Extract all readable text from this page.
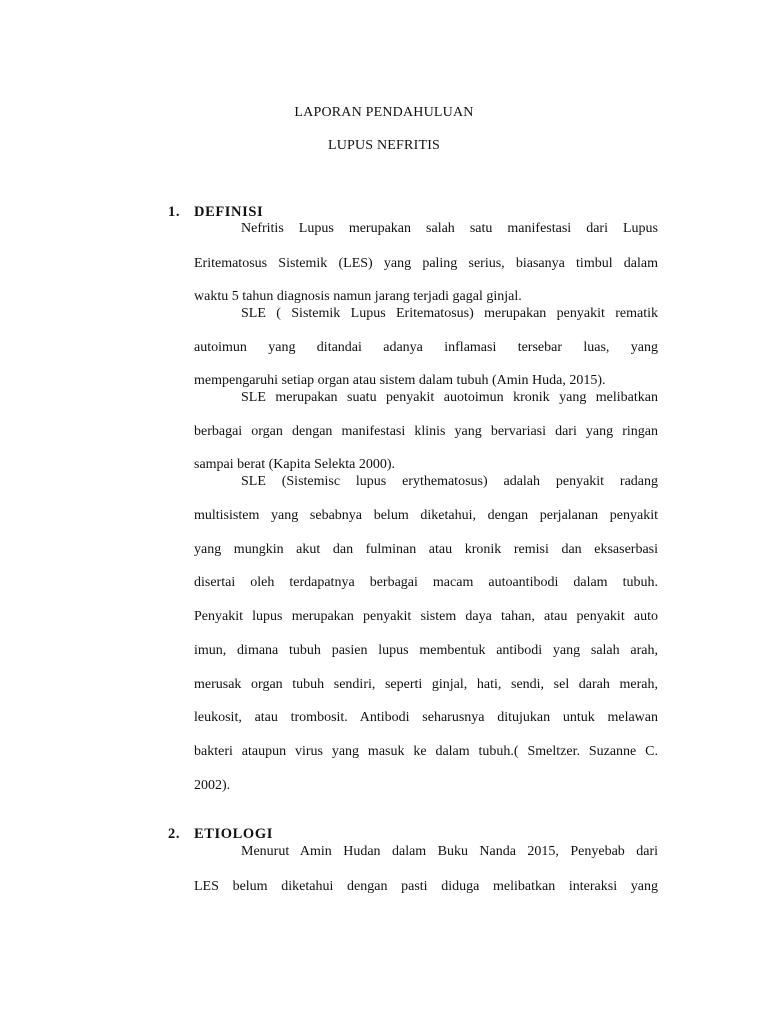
LAPORAN PENDAHULUAN
LUPUS NEFRITIS
1. DEFINISI
Nefritis Lupus merupakan salah satu manifestasi dari Lupus
Eritematosus Sistemik (LES) yang paling serius, biasanya timbul dalam
waktu 5 tahun diagnosis namun jarang terjadi gagal ginjal.
SLE ( Sistemik Lupus Eritematosus) merupakan penyakit rematik
autoimun yang ditandai adanya inflamasi tersebar luas, yang
mempengaruhi setiap organ atau sistem dalam tubuh (Amin Huda, 2015).
SLE merupakan suatu penyakit auotoimun kronik yang melibatkan
berbagai organ dengan manifestasi klinis yang bervariasi dari yang ringan
sampai berat (Kapita Selekta 2000).
SLE (Sistemisc lupus erythematosus) adalah penyakit radang
multisistem yang sebabnya belum diketahui, dengan perjalanan penyakit
yang mungkin akut dan fulminan atau kronik remisi dan eksaserbasi
disertai oleh terdapatnya berbagai macam autoantibodi dalam tubuh.
Penyakit lupus merupakan penyakit sistem daya tahan, atau penyakit auto
imun, dimana tubuh pasien lupus membentuk antibodi yang salah arah,
merusak organ tubuh sendiri, seperti ginjal, hati, sendi, sel darah merah,
leukosit, atau trombosit. Antibodi seharusnya ditujukan untuk melawan
bakteri ataupun virus yang masuk ke dalam tubuh.( Smeltzer. Suzanne C.
2002).
2. ETIOLOGI
Menurut Amin Hudan dalam Buku Nanda 2015, Penyebab dari
LES belum diketahui dengan pasti diduga melibatkan interaksi yang
